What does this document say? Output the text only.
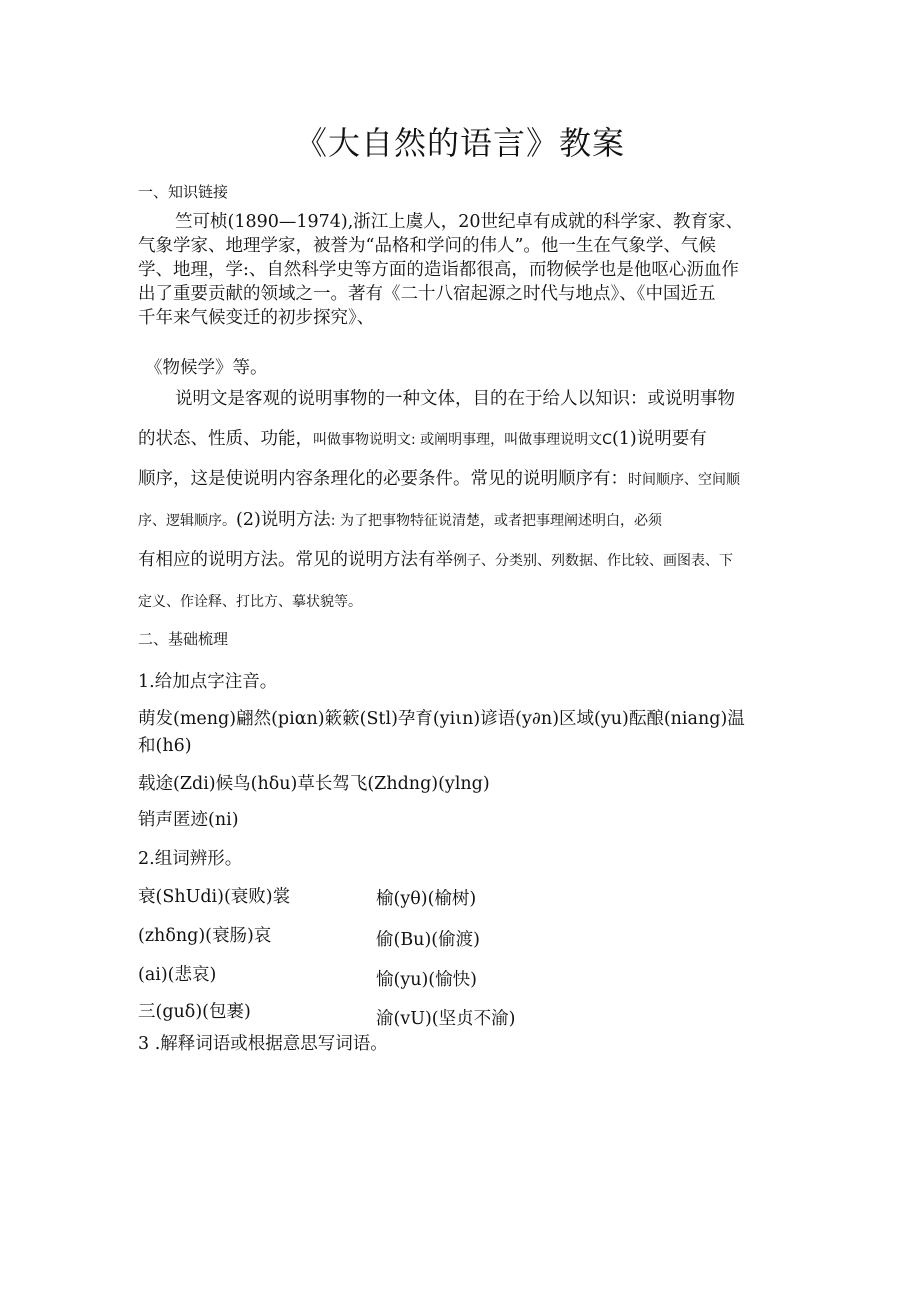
《大自然的语言》教案
一、知识链接
竺可桢(1890—1974),浙江上虞人，20世纪卓有成就的科学家、教育家、
气象学家、地理学家，被誉为“品格和学问的伟人”。他一生在气象学、气候
学、地理，学:、自然科学史等方面的造诣都很高，而物候学也是他呕心沥血作
出了重要贡献的领域之一。著有《二十八宿起源之时代与地点》、《中国近五
千年来气候变迁的初步探究》、
《物候学》等。
说明文是客观的说明事物的一种文体，目的在于给人以知识：或说明事物
的状态、性质、功能，叫做事物说明文: 或阐明事理，叫做事理说明文C(1)说明要有
顺序，这是使说明内容条理化的必要条件。常见的说明顺序有：时间顺序、空间顺
序、逻辑顺序。(2)说明方法: 为了把事物特征说清楚，或者把事理阐述明白，必须
有相应的说明方法。常见的说明方法有举例子、分类别、列数据、作比较、画图表、下
定义、作诠释、打比方、摹状貌等。
二、基础梳理
1.给加点字注音。
萌发(meng)翩然(piαn)簌簌(Stl)孕育(yiιn)谚语(y∂n)区域(yu)酝酿(niang)温
和(h6)
载途(Zdi)候鸟(hδu)草长驾飞(Zhdng)(ylng)
销声匿迹(ni)
2.组词辨形。
衰(ShUdi)(衰败)裳
(zhδng)(衰肠)哀
(ai)(悲哀)
三(guδ)(包裹)
榆(yθ)(榆树)
偷(Bu)(偷渡)
愉(yu)(愉快)
渝(vU)(坚贞不渝)
3 .解释词语或根据意思写词语。
